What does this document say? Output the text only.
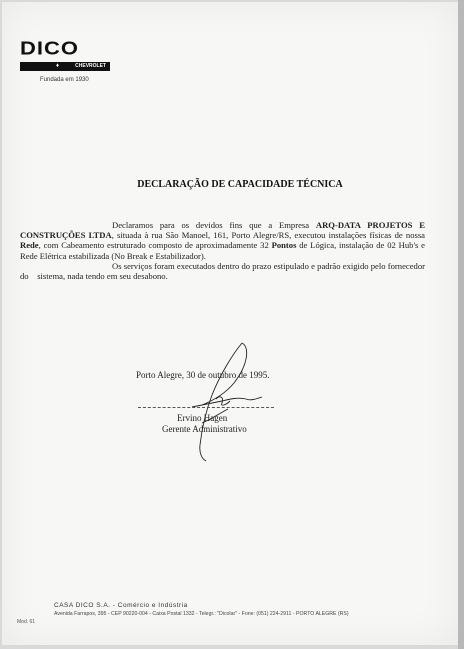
DICO
♦	CHEVROLET
Fundada em 1930
DECLARAÇÃO DE CAPACIDADE TÉCNICA

Declaramos para os devidos fins que a Empresa ARQ-DATA PROJETOS E CONSTRUÇÕES LTDA, situada à rua São Manoel, 161, Porto Alegre/RS, executou instalações físicas de nossa Rede, com Cabeamento estruturado composto de aproximadamente 32 Pontos de Lógica, instalação de 02 Hub's e Rede Elétrica estabilizada (No Break e Estabilizador).

Os serviços foram executados dentro do prazo estipulado e padrão exigido pelo fornecedor do    sistema, nada tendo em seu desabono.

Porto Alegre, 30 de outubro de 1995.
Ervino Hagen
Gerente Administrativo
CASA DICO S.A. - Comércio e Indústria
Avenida Farrapos, 395 - CEP 90220-004 - Caixa Postal 1332 - Telegr.: "Dicolar" - Fone: (051) 224-2911 - PORTO ALEGRE (RS)
Mod. 61
